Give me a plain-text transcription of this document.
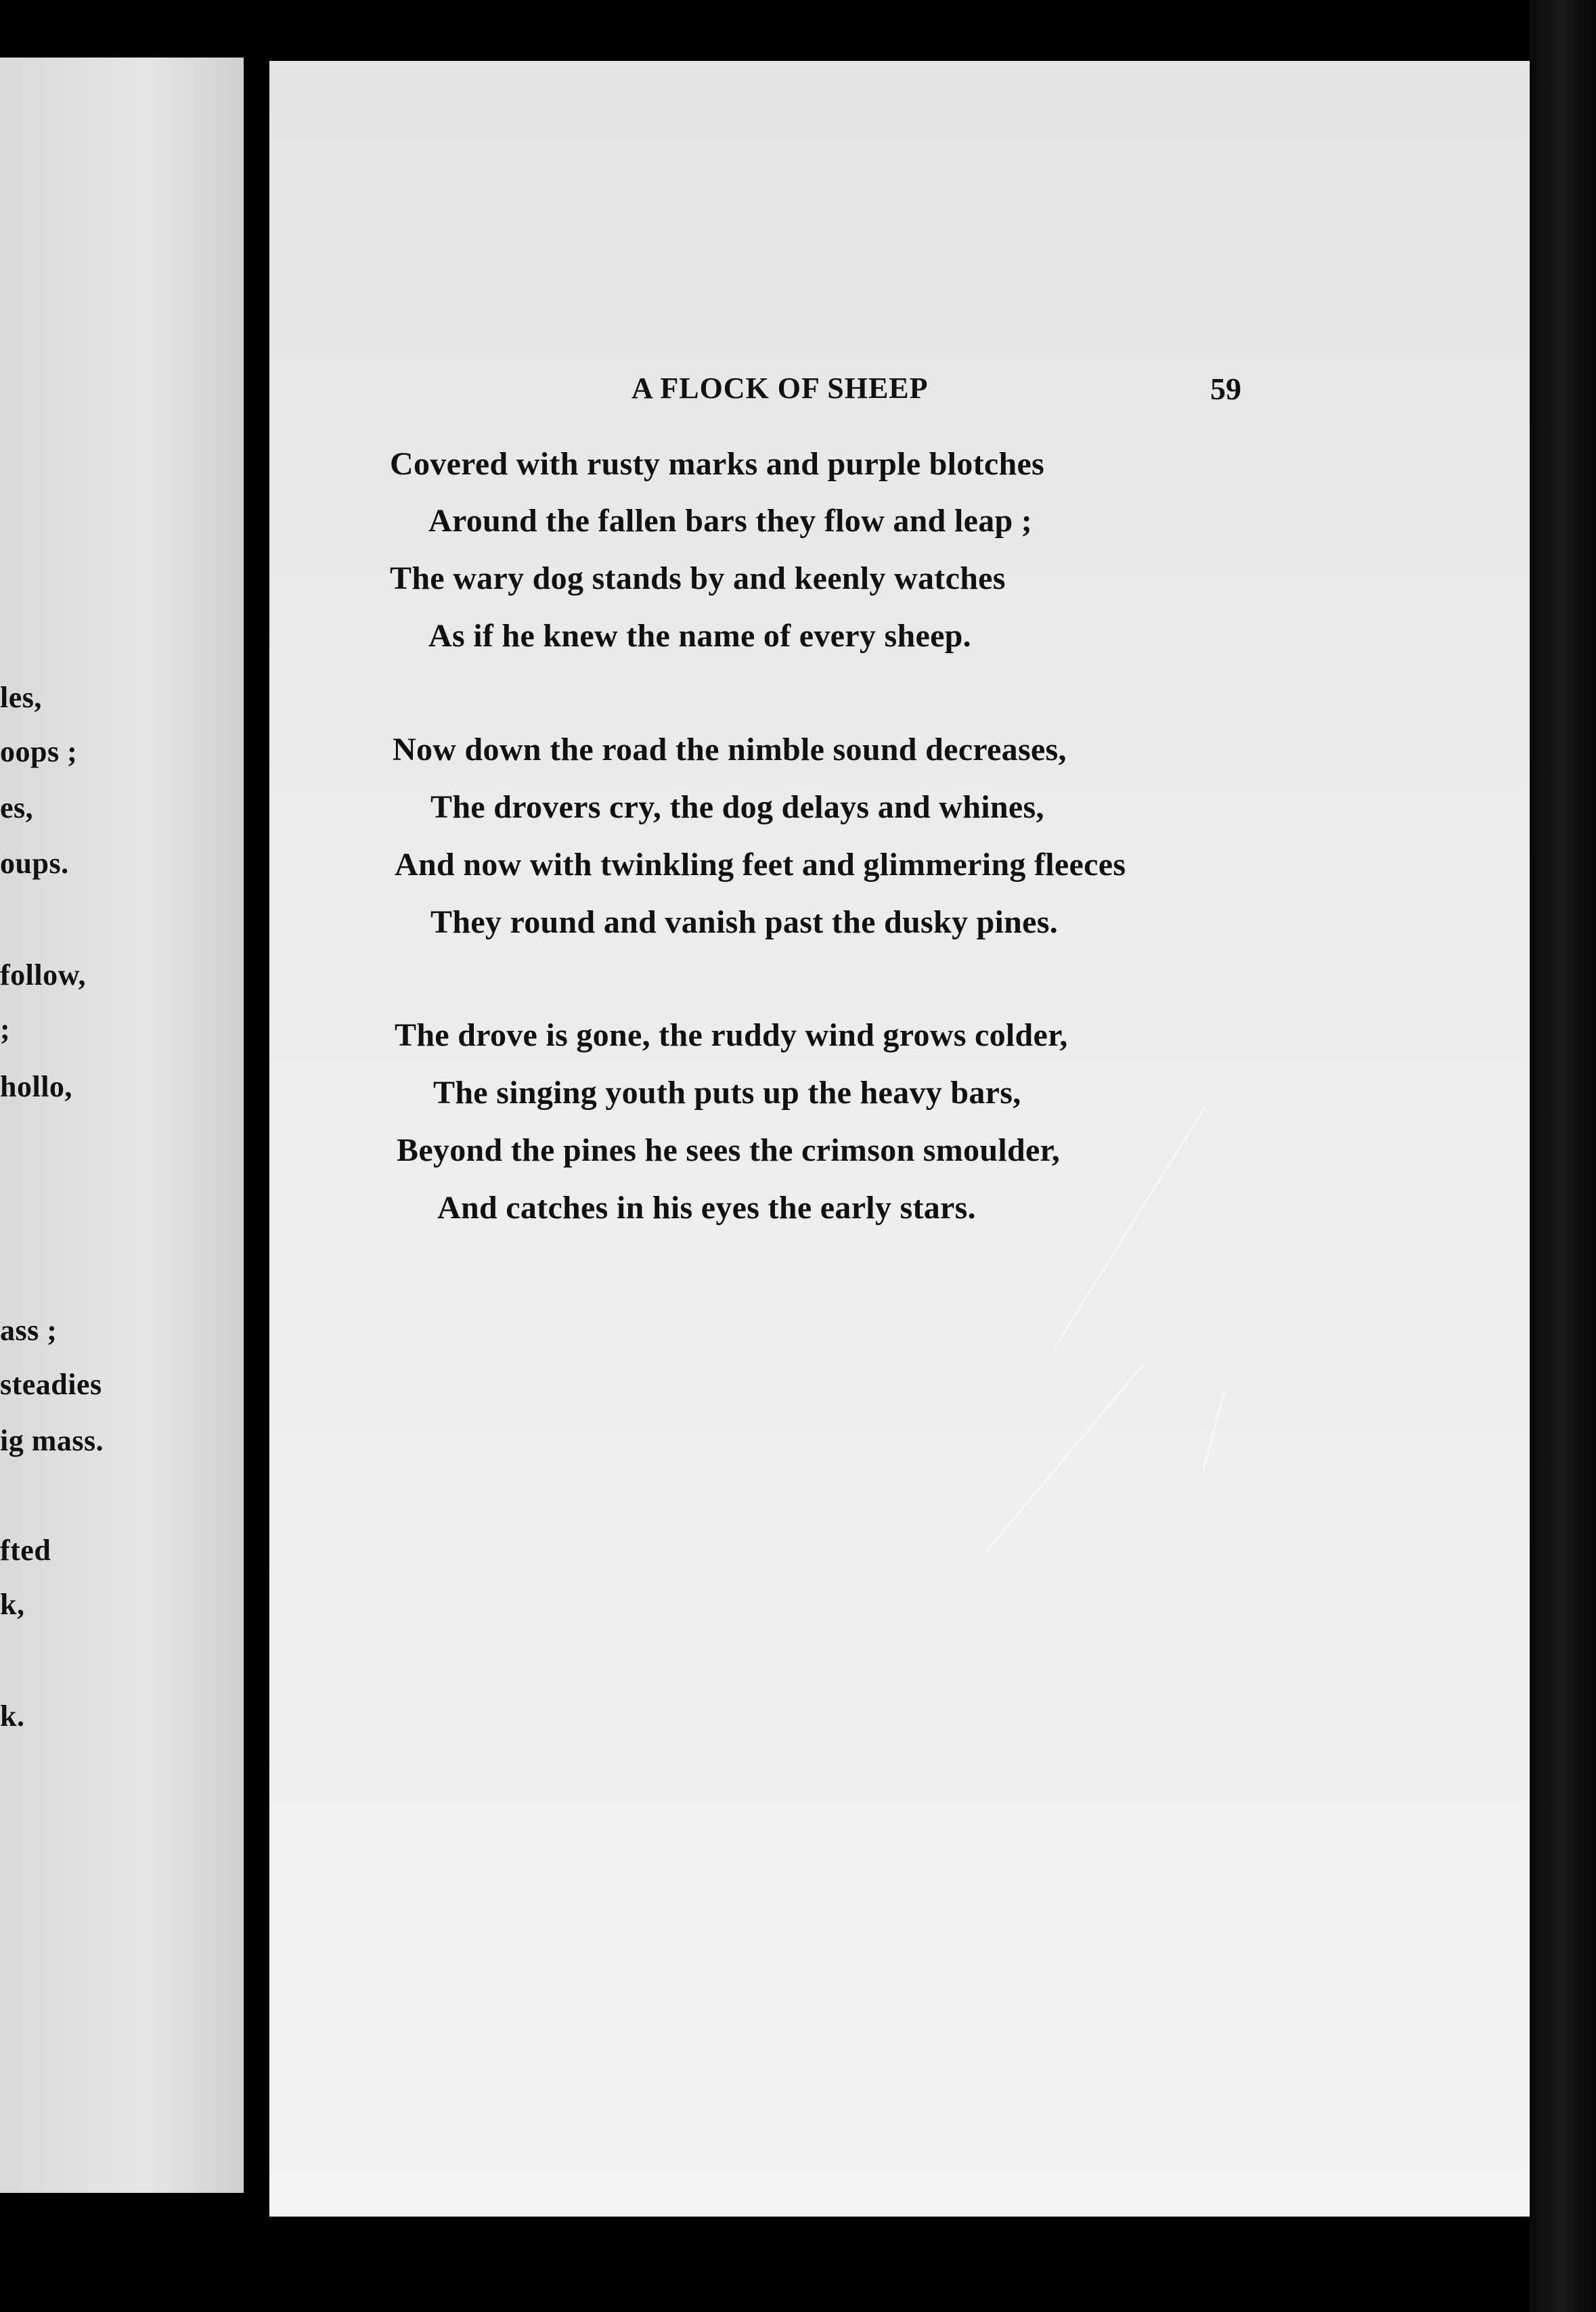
les,
oops ;
es,
oups.
follow,
;
hollo,
ass ;
steadies
ig mass.
fted
k,
k.
A FLOCK OF SHEEP	59
Covered with rusty marks and purple blotches
Around the fallen bars they flow and leap ;
The wary dog stands by and keenly watches
As if he knew the name of every sheep.
Now down the road the nimble sound decreases,
The drovers cry, the dog delays and whines,
And now with twinkling feet and glimmering fleeces
They round and vanish past the dusky pines.
The drove is gone, the ruddy wind grows colder,
The singing youth puts up the heavy bars,
Beyond the pines he sees the crimson smoulder,
And catches in his eyes the early stars.
